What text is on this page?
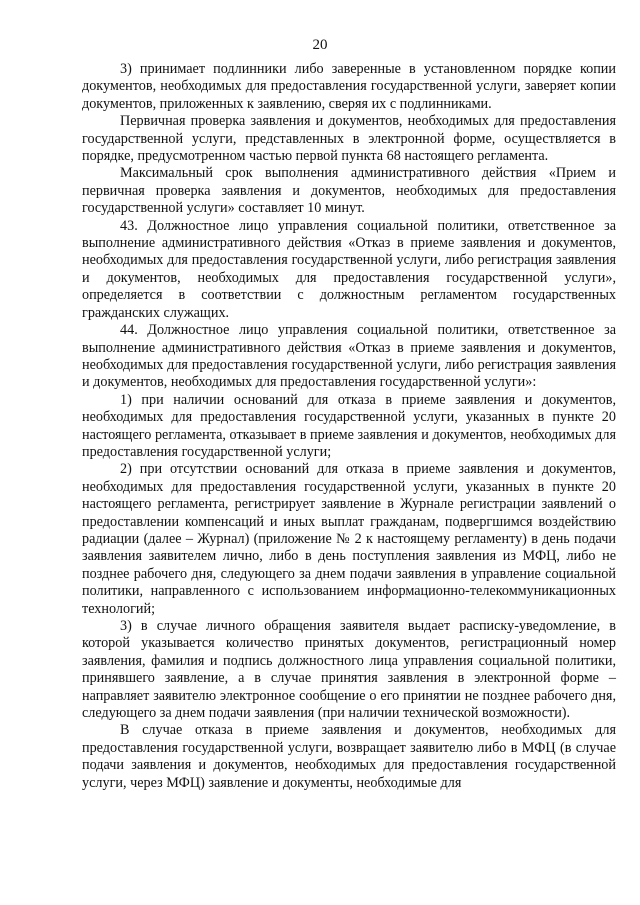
20

3) принимает подлинники либо заверенные в установленном порядке копии документов, необходимых для предоставления государственной услуги, заверяет копии документов, приложенных к заявлению, сверяя их с подлинниками.

Первичная проверка заявления и документов, необходимых для предоставления государственной услуги, представленных в электронной форме, осуществляется в порядке, предусмотренном частью первой пункта 68 настоящего регламента.

Максимальный срок выполнения административного действия «Прием и первичная проверка заявления и документов, необходимых для предоставления государственной услуги» составляет 10 минут.

43. Должностное лицо управления социальной политики, ответственное за выполнение административного действия «Отказ в приеме заявления и документов, необходимых для предоставления государственной услуги, либо регистрация заявления и документов, необходимых для предоставления государственной услуги», определяется в соответствии с должностным регламентом государственных гражданских служащих.

44. Должностное лицо управления социальной политики, ответственное за выполнение административного действия «Отказ в приеме заявления и документов, необходимых для предоставления государственной услуги, либо регистрация заявления и документов, необходимых для предоставления государственной услуги»:

1) при наличии оснований для отказа в приеме заявления и документов, необходимых для предоставления государственной услуги, указанных в пункте 20 настоящего регламента, отказывает в приеме заявления и документов, необходимых для предоставления государственной услуги;

2) при отсутствии оснований для отказа в приеме заявления и документов, необходимых для предоставления государственной услуги, указанных в пункте 20 настоящего регламента, регистрирует заявление в Журнале регистрации заявлений о предоставлении компенсаций и иных выплат гражданам, подвергшимся воздействию радиации (далее – Журнал) (приложение № 2 к настоящему регламенту) в день подачи заявления заявителем лично, либо в день поступления заявления из МФЦ, либо не позднее рабочего дня, следующего за днем подачи заявления в управление социальной политики, направленного с использованием информационно-телекоммуникационных технологий;

3) в случае личного обращения заявителя выдает расписку-уведомление, в которой указывается количество принятых документов, регистрационный номер заявления, фамилия и подпись должностного лица управления социальной политики, принявшего заявление, а в случае принятия заявления в электронной форме – направляет заявителю электронное сообщение о его принятии не позднее рабочего дня, следующего за днем подачи заявления (при наличии технической возможности).

В случае отказа в приеме заявления и документов, необходимых для предоставления государственной услуги, возвращает заявителю либо в МФЦ (в случае подачи заявления и документов, необходимых для предоставления государственной услуги, через МФЦ) заявление и документы, необходимые для
